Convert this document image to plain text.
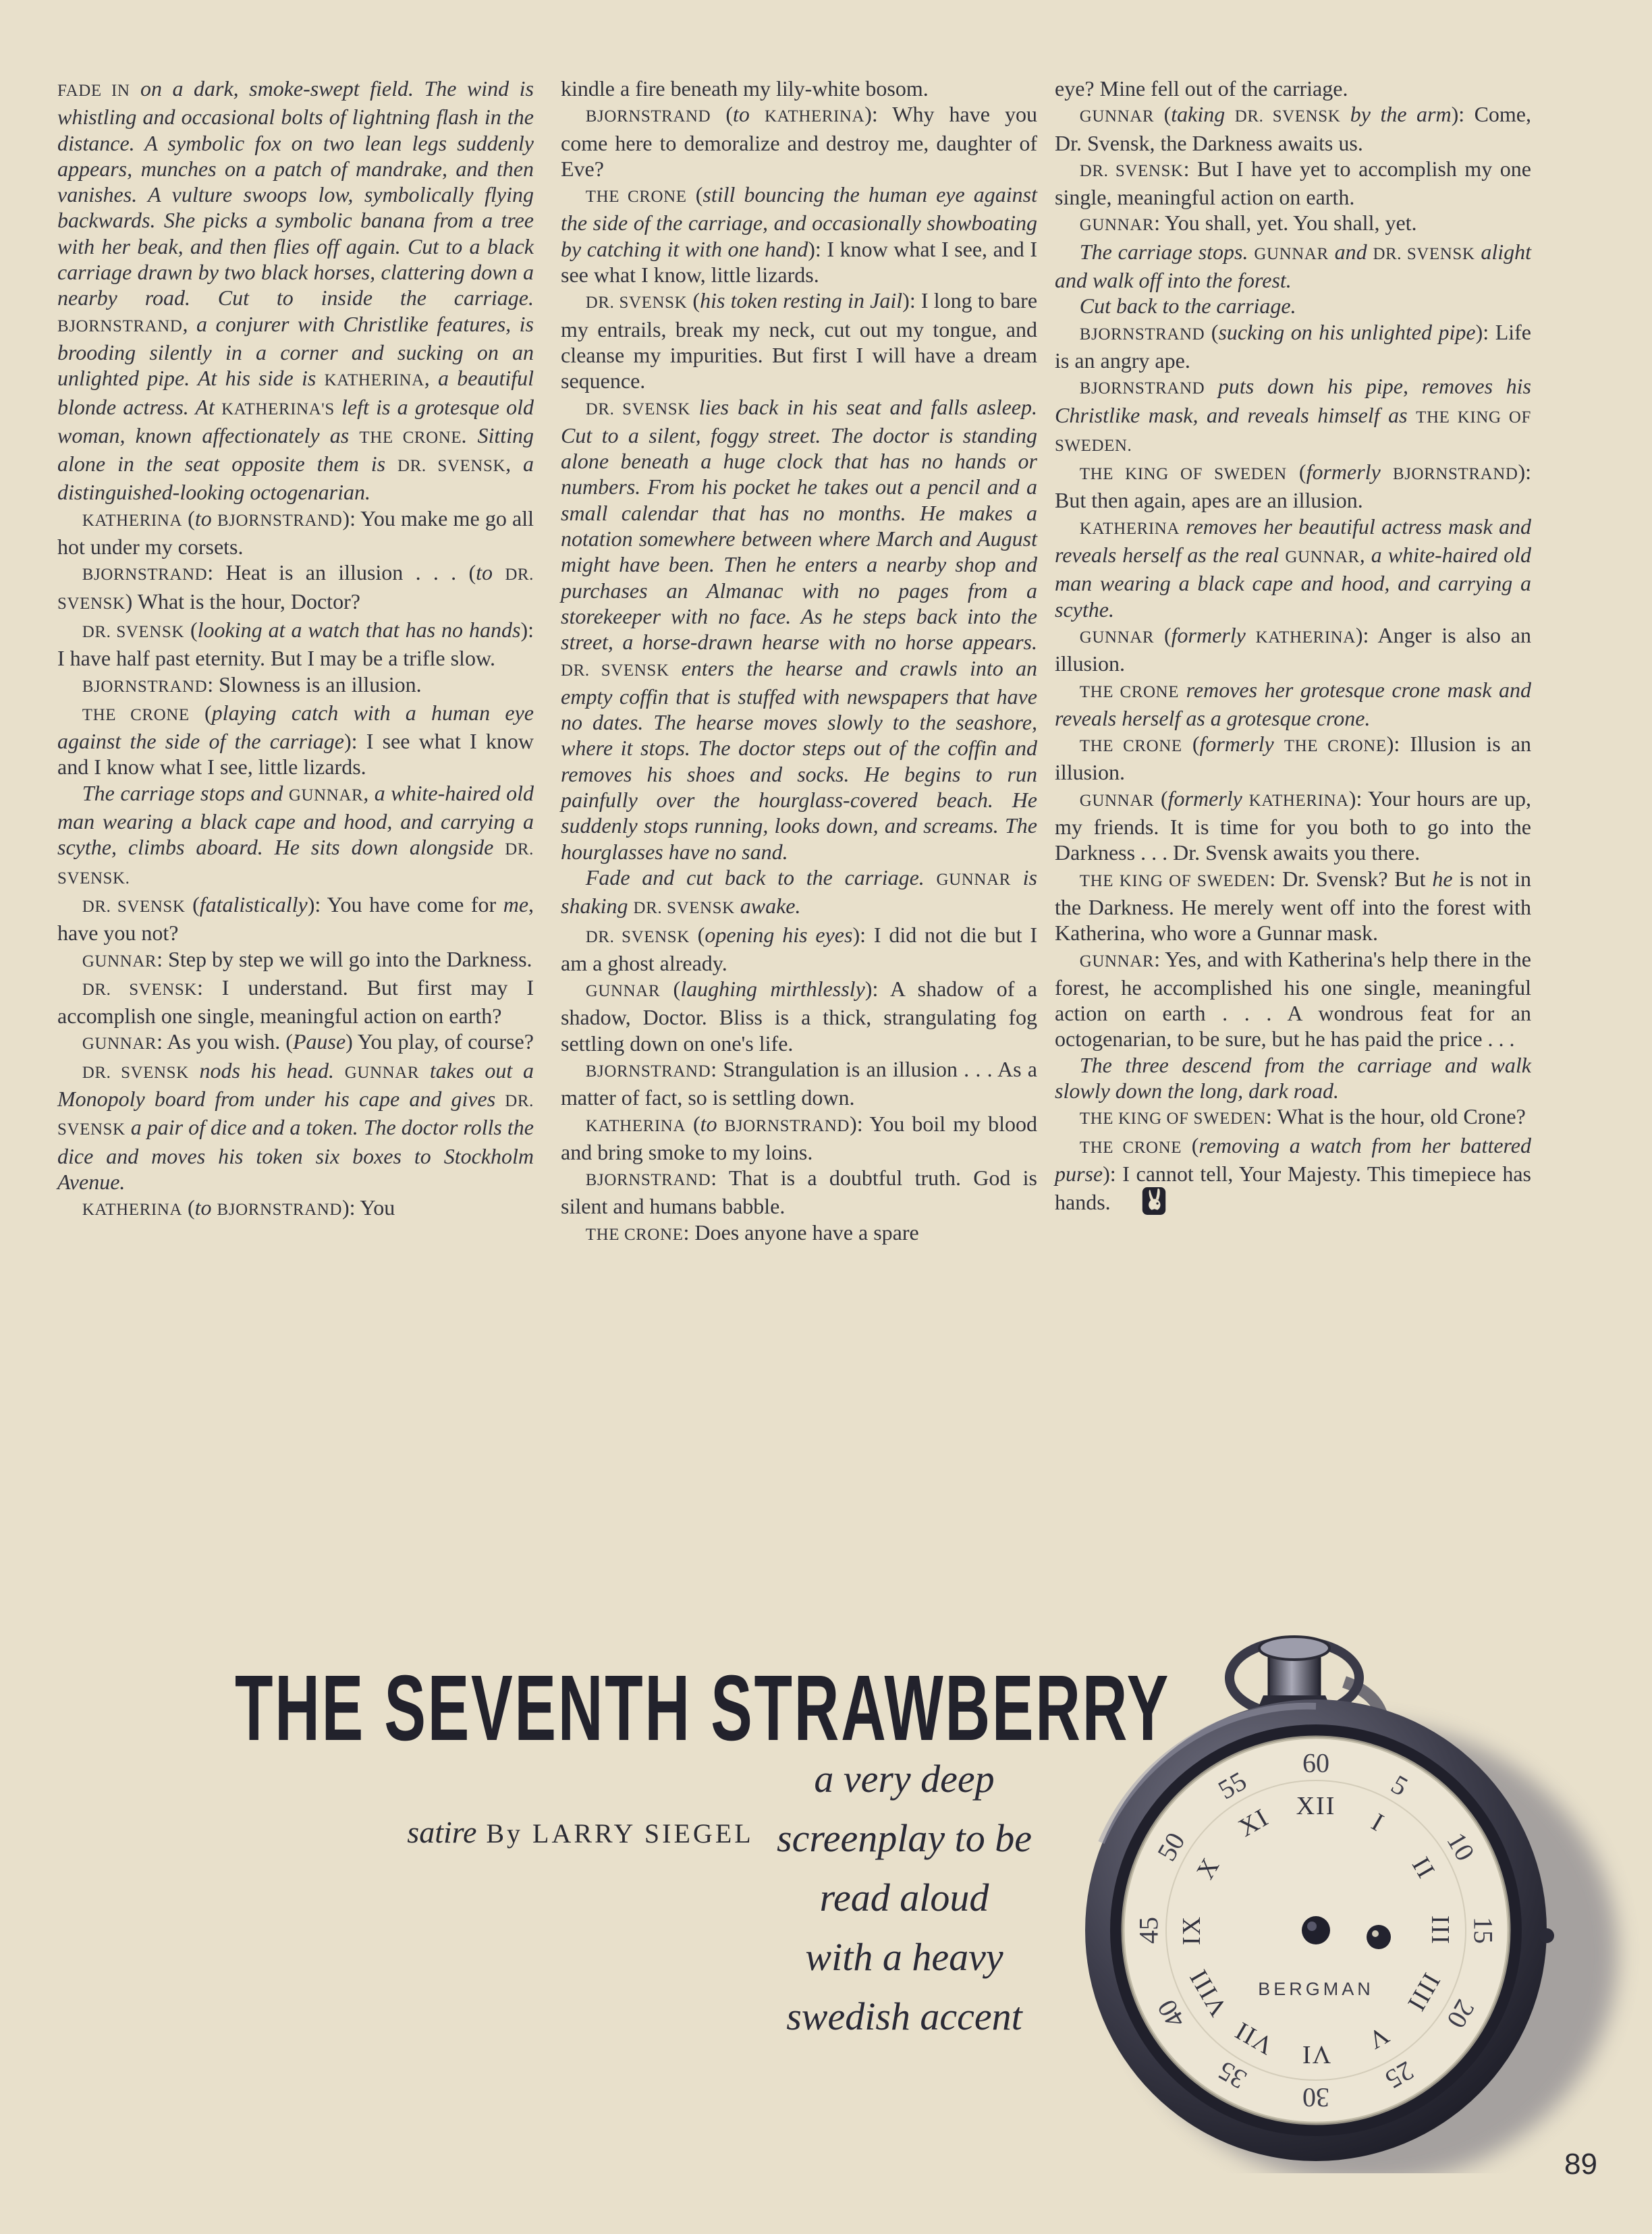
FADE IN on a dark, smoke-swept field. The wind is whistling and occasional bolts of lightning flash in the distance. A symbolic fox on two lean legs suddenly appears, munches on a patch of mandrake, and then vanishes. A vulture swoops low, symbolically flying backwards. She picks a symbolic banana from a tree with her beak, and then flies off again. Cut to a black carriage drawn by two black horses, clattering down a nearby road. Cut to inside the carriage. BJORNSTRAND, a conjurer with Christlike features, is brooding silently in a corner and sucking on an unlighted pipe. At his side is KATHERINA, a beautiful blonde actress. At KATHERINA'S left is a grotesque old woman, known affectionately as THE CRONE. Sitting alone in the seat opposite them is DR. SVENSK, a distinguished-looking octogenarian.

KATHERINA (to BJORNSTRAND): You make me go all hot under my corsets.

BJORNSTRAND: Heat is an illusion . . . (to DR. SVENSK) What is the hour, Doctor?

DR. SVENSK (looking at a watch that has no hands): I have half past eternity. But I may be a trifle slow.

BJORNSTRAND: Slowness is an illusion.

THE CRONE (playing catch with a human eye against the side of the carriage): I see what I know and I know what I see, little lizards.

The carriage stops and GUNNAR, a white-haired old man wearing a black cape and hood, and carrying a scythe, climbs aboard. He sits down alongside DR. SVENSK.

DR. SVENSK (fatalistically): You have come for me, have you not?

GUNNAR: Step by step we will go into the Darkness.

DR. SVENSK: I understand. But first may I accomplish one single, meaningful action on earth?

GUNNAR: As you wish. (Pause) You play, of course?

DR. SVENSK nods his head. GUNNAR takes out a Monopoly board from under his cape and gives DR. SVENSK a pair of dice and a token. The doctor rolls the dice and moves his token six boxes to Stockholm Avenue.

KATHERINA (to BJORNSTRAND): You

kindle a fire beneath my lily-white bosom.

BJORNSTRAND (to KATHERINA): Why have you come here to demoralize and destroy me, daughter of Eve?

THE CRONE (still bouncing the human eye against the side of the carriage, and occasionally showboating by catching it with one hand): I know what I see, and I see what I know, little lizards.

DR. SVENSK (his token resting in Jail): I long to bare my entrails, break my neck, cut out my tongue, and cleanse my impurities. But first I will have a dream sequence.

DR. SVENSK lies back in his seat and falls asleep. Cut to a silent, foggy street. The doctor is standing alone beneath a huge clock that has no hands or numbers. From his pocket he takes out a pencil and a small calendar that has no months. He makes a notation somewhere between where March and August might have been. Then he enters a nearby shop and purchases an Almanac with no pages from a storekeeper with no face. As he steps back into the street, a horse-drawn hearse with no horse appears. DR. SVENSK enters the hearse and crawls into an empty coffin that is stuffed with newspapers that have no dates. The hearse moves slowly to the seashore, where it stops. The doctor steps out of the coffin and removes his shoes and socks. He begins to run painfully over the hourglass-covered beach. He suddenly stops running, looks down, and screams. The hourglasses have no sand.

Fade and cut back to the carriage. GUNNAR is shaking DR. SVENSK awake.

DR. SVENSK (opening his eyes): I did not die but I am a ghost already.

GUNNAR (laughing mirthlessly): A shadow of a shadow, Doctor. Bliss is a thick, strangulating fog settling down on one's life.

BJORNSTRAND: Strangulation is an illusion . . . As a matter of fact, so is settling down.

KATHERINA (to BJORNSTRAND): You boil my blood and bring smoke to my loins.

BJORNSTRAND: That is a doubtful truth. God is silent and humans babble.

THE CRONE: Does anyone have a spare

eye? Mine fell out of the carriage.

GUNNAR (taking DR. SVENSK by the arm): Come, Dr. Svensk, the Darkness awaits us.

DR. SVENSK: But I have yet to accomplish my one single, meaningful action on earth.

GUNNAR: You shall, yet. You shall, yet.

The carriage stops. GUNNAR and DR. SVENSK alight and walk off into the forest.

Cut back to the carriage.

BJORNSTRAND (sucking on his unlighted pipe): Life is an angry ape.

BJORNSTRAND puts down his pipe, removes his Christlike mask, and reveals himself as THE KING OF SWEDEN.

THE KING OF SWEDEN (formerly BJORNSTRAND): But then again, apes are an illusion.

KATHERINA removes her beautiful actress mask and reveals herself as the real GUNNAR, a white-haired old man wearing a black cape and hood, and carrying a scythe.

GUNNAR (formerly KATHERINA): Anger is also an illusion.

THE CRONE removes her grotesque crone mask and reveals herself as a grotesque crone.

THE CRONE (formerly THE CRONE): Illusion is an illusion.

GUNNAR (formerly KATHERINA): Your hours are up, my friends. It is time for you both to go into the Darkness . . . Dr. Svensk awaits you there.

THE KING OF SWEDEN: Dr. Svensk? But he is not in the Darkness. He merely went off into the forest with Katherina, who wore a Gunnar mask.

GUNNAR: Yes, and with Katherina's help there in the forest, he accomplished his one single, meaningful action on earth . . . A wondrous feat for an octogenarian, to be sure, but he has paid the price . . .

The three descend from the carriage and walk slowly down the long, dark road.

THE KING OF SWEDEN: What is the hour, old Crone?

THE CRONE (removing a watch from her battered purse): I cannot tell, Your Majesty. This timepiece has hands.

THE SEVENTH STRAWBERRY
satire By LARRY SIEGEL
a very deep
screenplay to be
read aloud
with a heavy
swedish accent
60
5
10
15
20
25
30
35
40
45
50
55
XII
I
II
III
IIII
V
VI
VII
VIII
IX
X
XI
BERGMAN
89
